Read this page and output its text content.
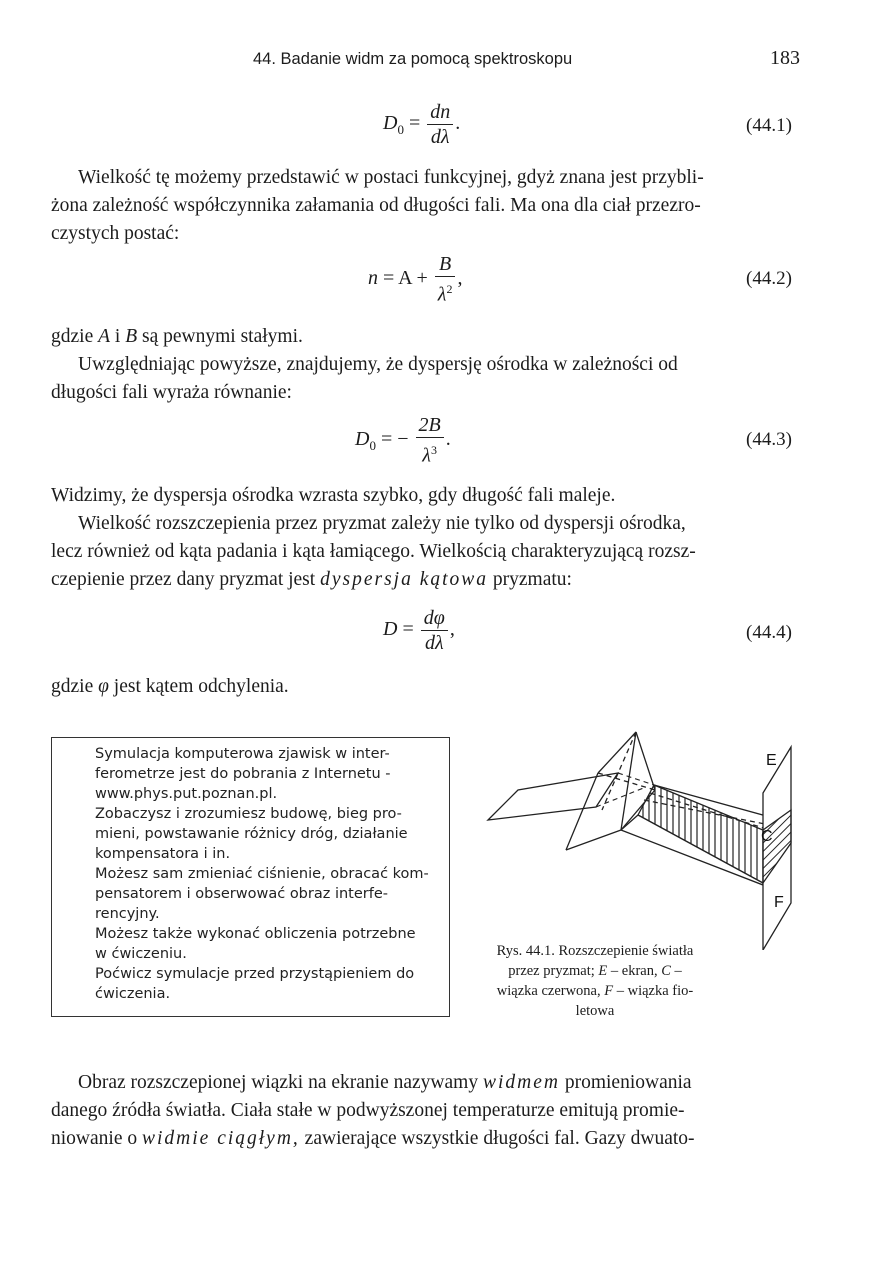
44. Badanie widm za pomocą spektroskopu	183
$D_0 = \frac{dn}{d\lambda}$ .	(44.1)
Wielkość tę możemy przedstawić w postaci funkcyjnej, gdyż znana jest przybli-
żona zależność współczynnika załamania od długości fali. Ma ona dla ciał przezro-
czystych postać:
$n = A + \frac{B}{\lambda^2}$ ,	(44.2)
gdzie A i B są pewnymi stałymi.
Uwzględniając powyższe, znajdujemy, że dyspersję ośrodka w zależności od
długości fali wyraża równanie:
$D_0$ = − $\frac{2B}{\lambda^3}$ .	(44.3)
Widzimy, że dyspersja ośrodka wzrasta szybko, gdy długość fali maleje.
Wielkość rozszczepienia przez pryzmat zależy nie tylko od dyspersji ośrodka,
lecz również od kąta padania i kąta łamiącego. Wielkością charakteryzującą rozsz-
czepienie przez dany pryzmat jest dyspersja kątowa pryzmatu:
$D = \frac{d\varphi}{d\lambda}$ ,	(44.4)
gdzie φ jest kątem odchylenia.

Symulacja komputerowa zjawisk w inter-

ferometrze jest do pobrania z Internetu -

www.phys.put.poznan.pl.

Zobaczysz i zrozumiesz budowę, bieg pro-

mieni, powstawanie różnicy dróg, działanie

kompensatora i in.

Możesz sam zmieniać ciśnienie, obracać kom-

pensatorem i obserwować obraz interfe-

rencyjny.

Możesz także wykonać obliczenia potrzebne

w ćwiczeniu.

Poćwicz symulacje przed przystąpieniem do

ćwiczenia.

E
C
F
Rys. 44.1. Rozszczepienie światła
przez pryzmat; E – ekran, C –
wiązka czerwona, F – wiązka fio-
letowa
Obraz rozszczepionej wiązki na ekranie nazywamy widmem promieniowania
danego źródła światła. Ciała stałe w podwyższonej temperaturze emitują promie-
niowanie o widmie ciągłym, zawierające wszystkie długości fal. Gazy dwuato-
